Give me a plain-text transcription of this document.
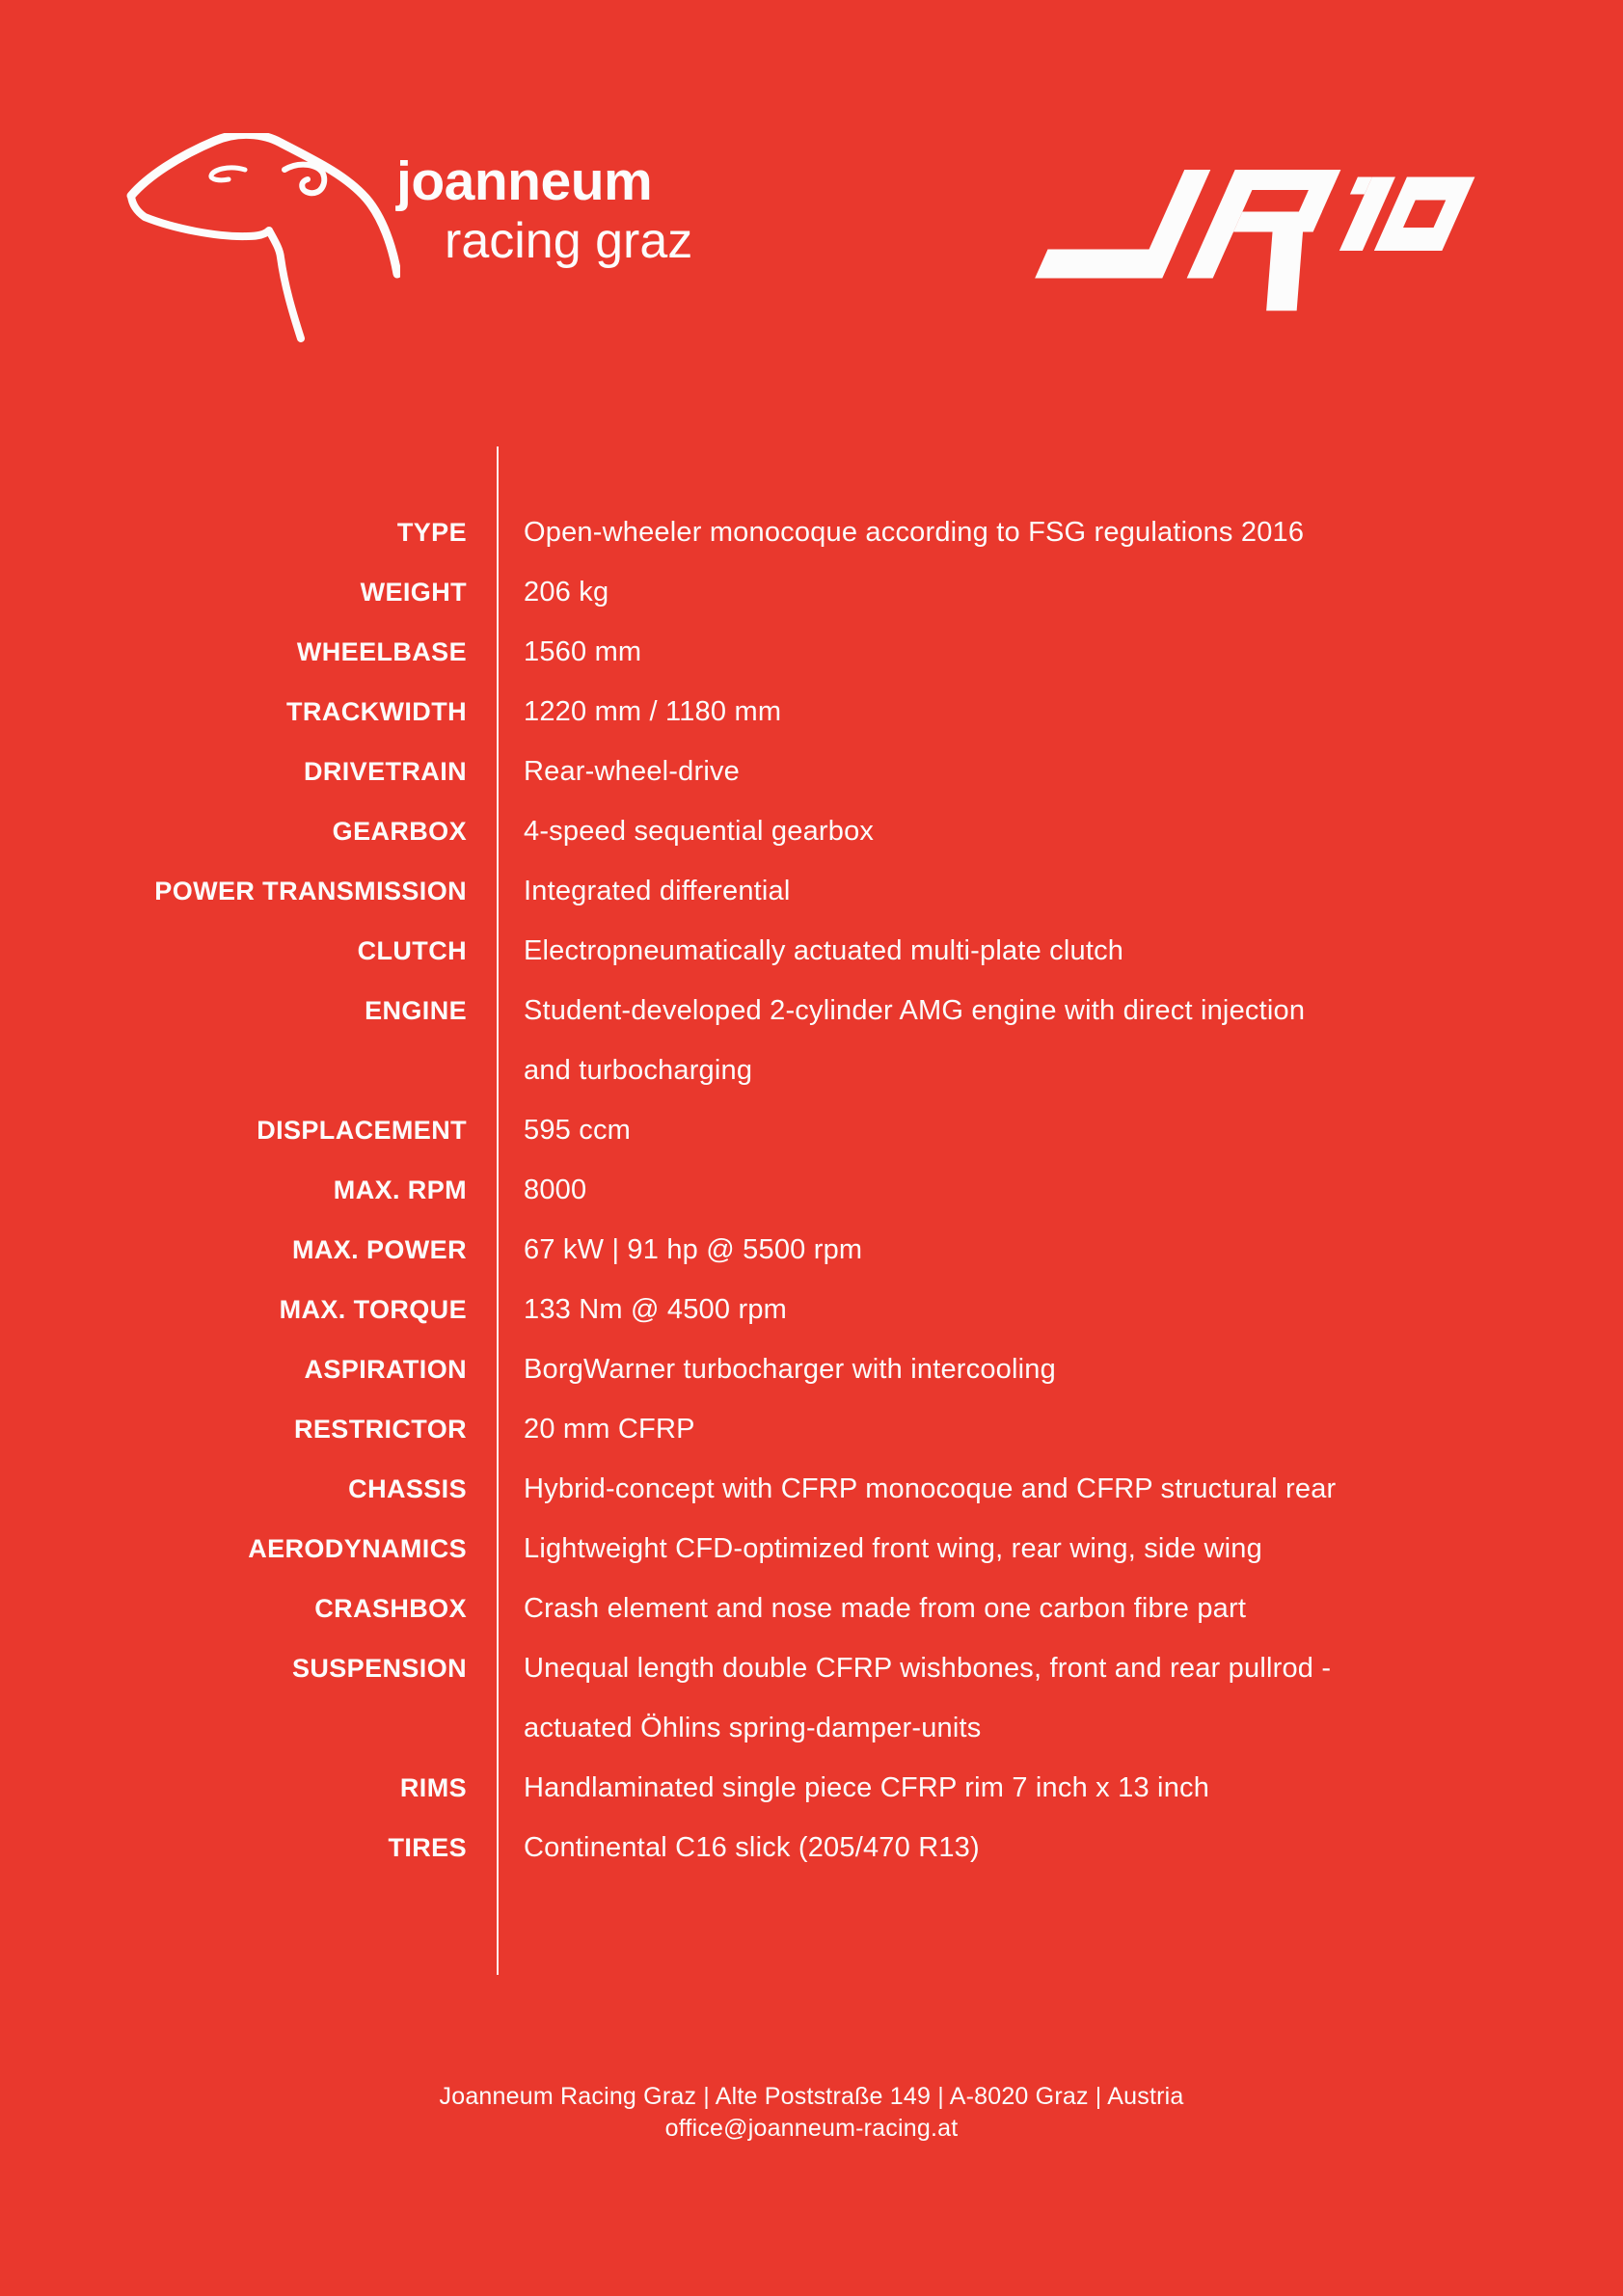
joanneum
racing graz
TYPE Open-wheeler monocoque according to FSG regulations 2016
WEIGHT 206 kg
WHEELBASE 1560 mm
TRACKWIDTH 1220 mm / 1180 mm
DRIVETRAIN Rear-wheel-drive
GEARBOX 4-speed sequential gearbox
POWER TRANSMISSION Integrated differential
CLUTCH Electropneumatically actuated multi-plate clutch
ENGINE Student-developed 2-cylinder AMG engine with direct injection
and turbocharging
DISPLACEMENT 595 ccm
MAX. RPM 8000
MAX. POWER 67 kW | 91 hp @ 5500 rpm
MAX. TORQUE 133 Nm @ 4500 rpm
ASPIRATION BorgWarner turbocharger with intercooling
RESTRICTOR 20 mm CFRP
CHASSIS Hybrid-concept with CFRP monocoque and CFRP structural rear
AERODYNAMICS Lightweight CFD-optimized front wing, rear wing, side wing
CRASHBOX Crash element and nose made from one carbon fibre part
SUSPENSION Unequal length double CFRP wishbones, front and rear pullrod -
actuated Öhlins spring-damper-units
RIMS Handlaminated single piece CFRP rim 7 inch x 13 inch
TIRES Continental C16 slick (205/470 R13)
Joanneum Racing Graz | Alte Poststraße 149 | A-8020 Graz | Austria
office@joanneum-racing.at
